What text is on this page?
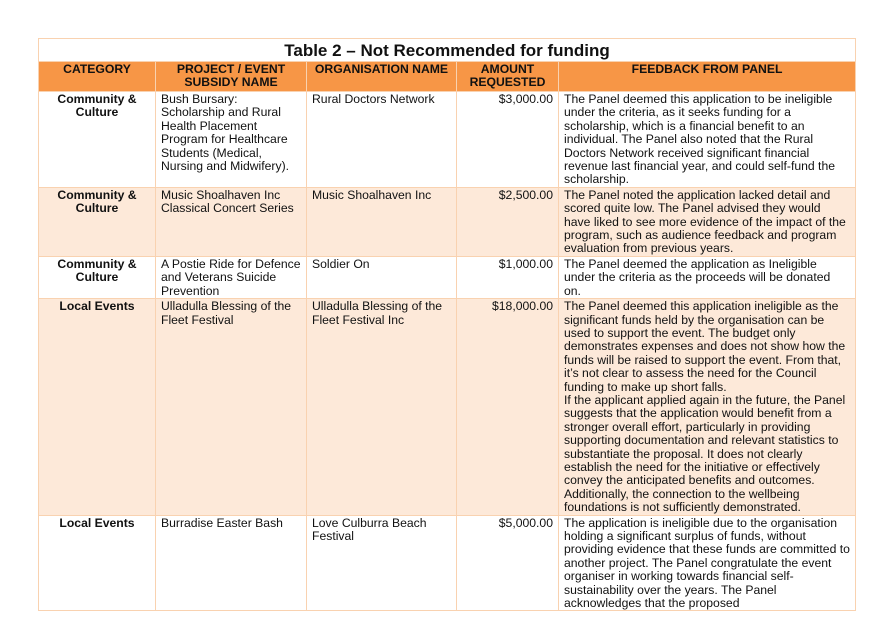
Table 2 – Not Recommended for funding				
CATEGORY	PROJECT / EVENT SUBSIDY NAME	ORGANISATION NAME	AMOUNT REQUESTED	FEEDBACK FROM PANEL
Community & Culture	Bush Bursary: Scholarship and Rural Health Placement Program for Healthcare Students (Medical, Nursing and Midwifery).	Rural Doctors Network	$3,000.00	The Panel deemed this application to be ineligible under the criteria, as it seeks funding for a scholarship, which is a financial benefit to an individual. The Panel also noted that the Rural Doctors Network received significant financial revenue last financial year, and could self-fund the scholarship.

Community & Culture	Music Shoalhaven Inc Classical Concert Series	Music Shoalhaven Inc	$2,500.00	The Panel noted the application lacked detail and scored quite low. The Panel advised they would have liked to see more evidence of the impact of the program, such as audience feedback and program evaluation from previous years.

Community & Culture	A Postie Ride for Defence and Veterans Suicide Prevention	Soldier On	$1,000.00	The Panel deemed the application as Ineligible under the criteria as the proceeds will be donated on.

Local Events	Ulladulla Blessing of the Fleet Festival	Ulladulla Blessing of the Fleet Festival Inc	$18,000.00	The Panel deemed this application ineligible as the significant funds held by the organisation can be used to support the event. The budget only demonstrates expenses and does not show how the funds will be raised to support the event. From that, it’s not clear to assess the need for the Council funding to make up short falls.
If the applicant applied again in the future, the Panel suggests that the application would benefit from a stronger overall effort, particularly in providing supporting documentation and relevant statistics to substantiate the proposal. It does not clearly establish the need for the initiative or effectively convey the anticipated benefits and outcomes. Additionally, the connection to the wellbeing foundations is not sufficiently demonstrated.

Local Events	Burradise Easter Bash	Love Culburra Beach Festival	$5,000.00	The application is ineligible due to the organisation holding a significant surplus of funds, without providing evidence that these funds are committed to another project. The Panel congratulate the event organiser in working towards financial self-sustainability over the years. The Panel acknowledges that the proposed
